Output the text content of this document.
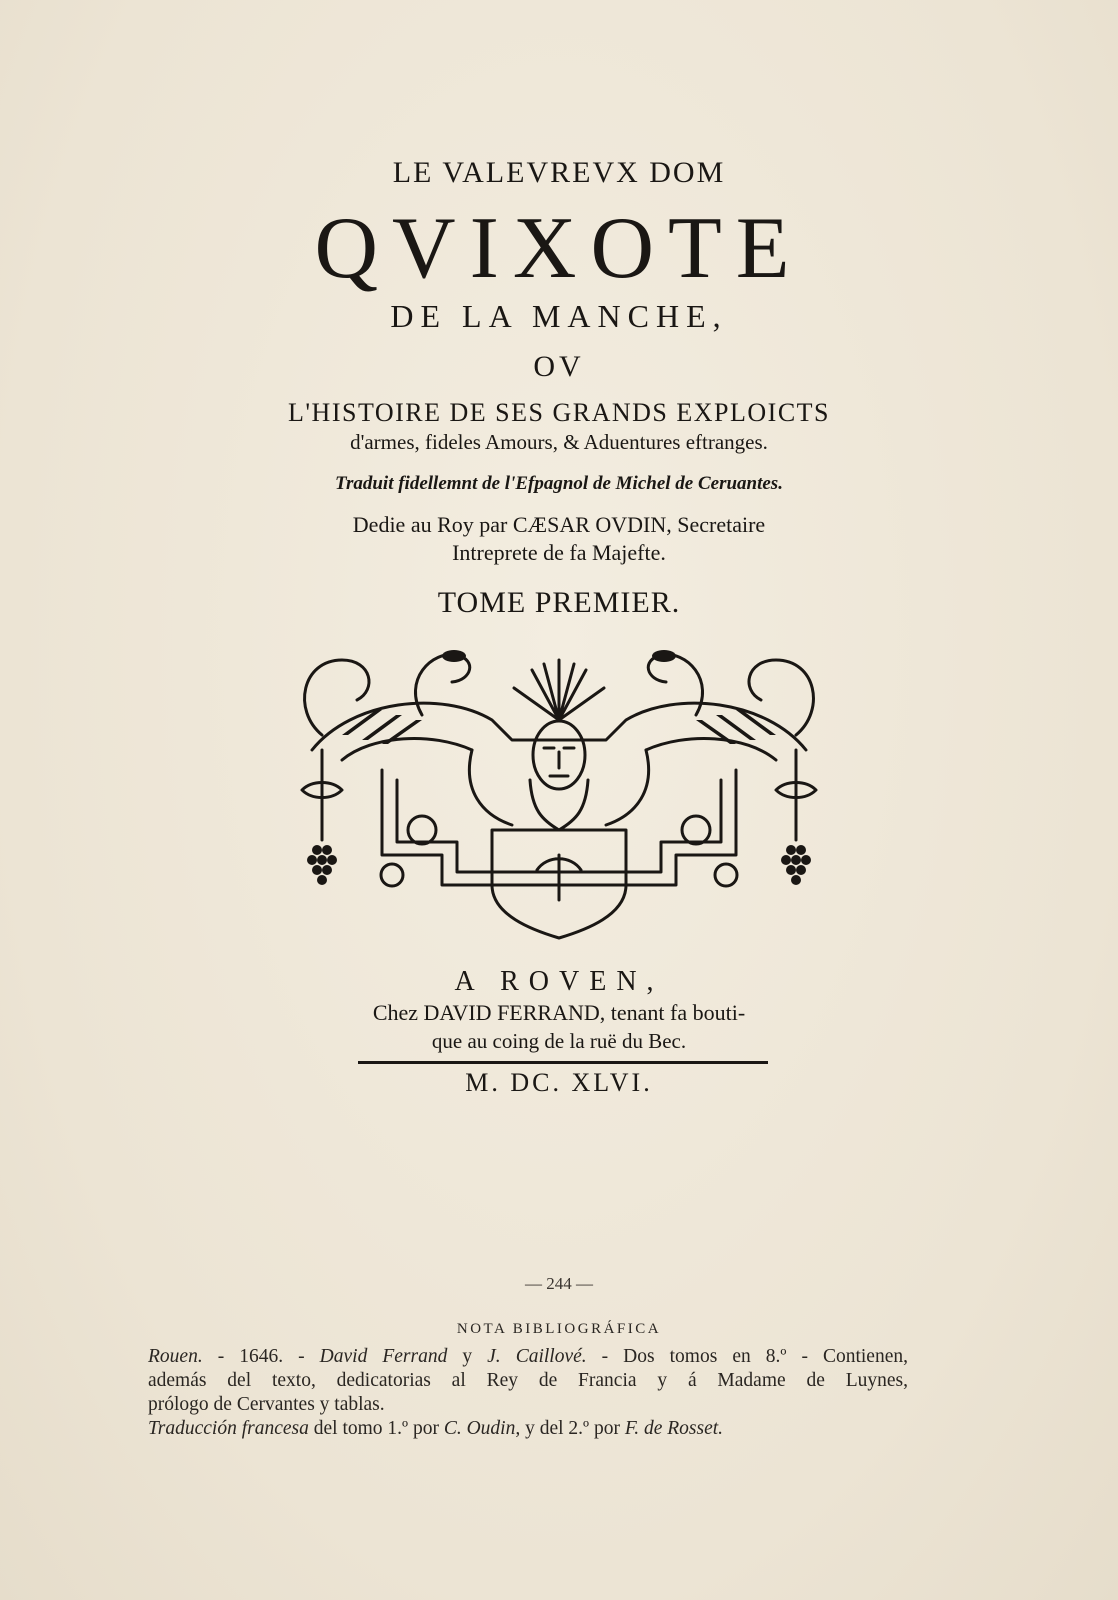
LE VALEVREVX DOM
QVIXOTE
DE LA MANCHE,
OV
L'HISTOIRE DE SES GRANDS EXPLOICTS
d'armes, fideles Amours, & Aduentures eftranges.
Traduit fidellemnt de l'Efpagnol de Michel de Ceruantes.
Dedie au Roy par CÆSAR OVDIN, Secretaire
Intreprete de fa Majefte.
TOME PREMIER.
A ROVEN,
Chez DAVID FERRAND, tenant fa bouti-
que au coing de la ruë du Bec.
M. DC. XLVI.
— 244 —
NOTA BIBLIOGRÁFICA
Rouen. - 1646. - David Ferrand y J. Caillové. - Dos tomos en 8.º - Contienen,
además del texto, dedicatorias al Rey de Francia y á Madame de Luynes,
prólogo de Cervantes y tablas.
Traducción francesa del tomo 1.º por C. Oudin, y del 2.º por F. de Rosset.
